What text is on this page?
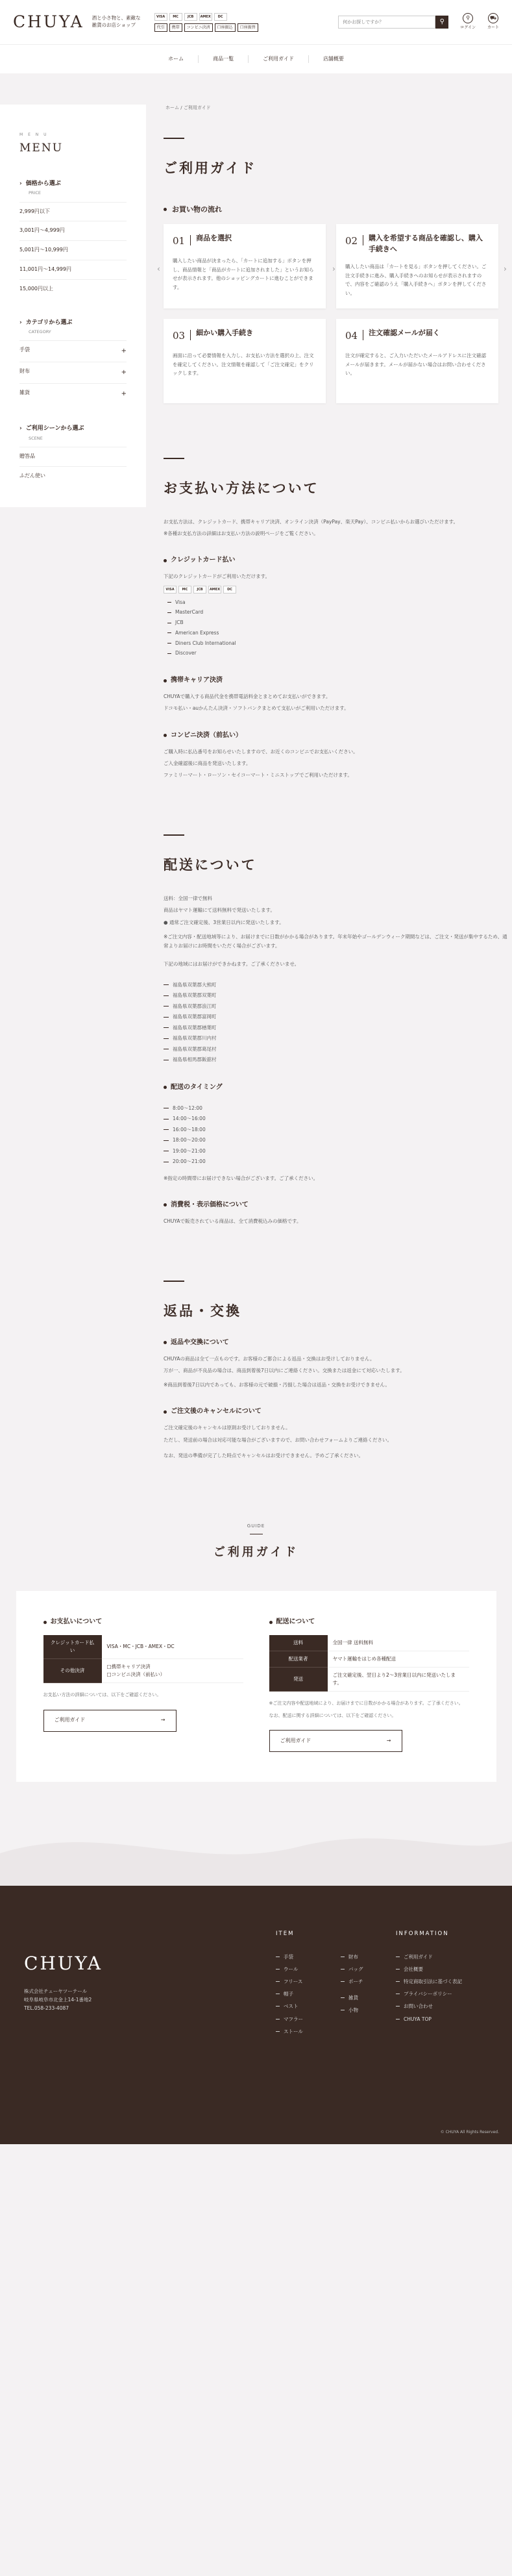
CHUYA 酒と小さ物と、素敵な雑貨のお店ショップ
VISA	MC	JCB	AMEX	DC
代引	携帯	コンビニ決済	口座振込	口座振替
何かお探しですか？
⚲
⚲
ログイン
⛟
カート
ホーム	商品一覧	ご利用ガイド	店舗概要
M E N U
MENU
› 価格から選ぶ
PRICE
2,999円以下
3,001円〜4,999円
5,001円〜10,999円
11,001円〜14,999円
15,000円以上
› カテゴリから選ぶ
CATEGORY
手袋	+
財布	+
雑貨	+
› ご利用シーンから選ぶ
SCENE
贈答品
ふだん使い
ホーム / ご利用ガイド
ご利用ガイド
お買い物の流れ
‹	›	›
01 商品を選択

購入したい商品が決まったら、「カートに追加する」ボタンを押し、商品情報と「商品がカートに追加されました」というお知らせが表示されます。他のショッピングカートに進むことができます。

02 購入を希望する商品を確認し、購入手続きへ

購入したい商品は「カートを見る」ボタンを押してください。ご注文手続きに進み、購入手続きへのお知らせが表示されますので、内容をご確認のうえ「購入手続きへ」ボタンを押してください。

03 細かい購入手続き

画面に沿って必要情報を入力し、お支払い方法を選択の上、注文を確定してください。注文情報を確認して「ご注文確定」をクリックします。

04 注文確認メールが届く

注文が確定すると、ご入力いただいたメールアドレスに注文確認メールが届きます。メールが届かない場合はお問い合わせください。

お支払い方法について

お支払方法は、クレジットカード、携帯キャリア決済、オンライン決済（PayPay、楽天Pay）、コンビニ払いからお選びいただけます。

※各種お支払方法の詳細はお支払い方法の説明ページをご覧ください。

クレジットカード払い

下記のクレジットカードがご利用いただけます。

VISA	MC	JCB	AMEX	DC
Visa
MasterCard
JCB
American Express
Diners Club International
Discover
携帯キャリア決済

CHUYAで購入する商品代金を携帯電話料金とまとめてお支払いができます。

ドコモ払い・auかんたん決済・ソフトバンクまとめて支払いがご利用いただけます。

コンビニ決済（前払い）

ご購入時に払込番号をお知らせいたしますので、お近くのコンビニでお支払いください。

ご入金確認後に商品を発送いたします。

ファミリーマート・ローソン・セイコーマート・ミニストップでご利用いただけます。

配送について

送料：全国一律で無料

商品はヤマト運輸にて送料無料で発送いたします。

● 通常ご注文確定後、3営業日以内に発送いたします。

※ご注文内容・配送地域等により、お届けまでに日数がかかる場合があります。年末年始やゴールデンウィーク期間などは、ご注文・発送が集中するため、通常よりお届けにお時間をいただく場合がございます。

下記の地域にはお届けができかねます。ご了承くださいませ。

福島県双葉郡大熊町
福島県双葉郡双葉町
福島県双葉郡浪江町
福島県双葉郡富岡町
福島県双葉郡楢葉町
福島県双葉郡川内村
福島県双葉郡葛尾村
福島県相馬郡飯舘村
配送のタイミング
8:00〜12:00
14:00〜16:00
16:00〜18:00
18:00〜20:00
19:00〜21:00
20:00〜21:00

※指定の時間帯にお届けできない場合がございます。ご了承ください。

消費税・表示価格について

CHUYAで販売されている商品は、全て消費税込みの価格です。

返品・交換
返品や交換について

CHUYAの商品は全て一点ものです。お客様のご都合による返品・交換はお受けしておりません。

万が一、商品が不良品の場合は、商品到着後7日以内にご連絡ください。交換または返金にて対応いたします。

※商品到着後7日以内であっても、お客様の元で破損・汚損した場合は返品・交換をお受けできません。

ご注文後のキャンセルについて

ご注文確定後のキャンセルは原則お受けしておりません。

ただし、発送前の場合は対応可能な場合がございますので、お問い合わせフォームよりご連絡ください。

なお、発送の準備が完了した時点でキャンセルはお受けできません。予めご了承ください。

GUIDE
ご利用ガイド
お支払いについて
クレジットカード払い	VISA・MC・JCB・AMEX・DC
その他決済	□携帯キャリア決済
□コンビニ決済（前払い）
お支払い方法の詳細については、以下をご確認ください。
ご利用ガイド	→
配送について
送料	全国一律 送料無料
配送業者	ヤマト運輸をはじめ各種配送
発送	ご注文確定後、翌日より2〜3営業日以内に発送いたします。
※ご注文内容や配送地域により、お届けまでに日数がかかる場合があります。ご了承ください。
なお、配送に関する詳細については、以下をご確認ください。
ご利用ガイド	→
CHUYA
株式会社チューヤツーテール
岐阜県岐阜市北金上14-1番地2
TEL.058-233-4087
ITEM
手袋
ウール
フリース
帽子
ベスト
マフラー
ストール
財布
バッグ
ポーチ
雑貨
小物
INFORMATION
ご利用ガイド
会社概要
特定商取引法に基づく表記
プライバシーポリシー
お問い合わせ
CHUYA TOP
© CHUYA All Rights Reserved.
